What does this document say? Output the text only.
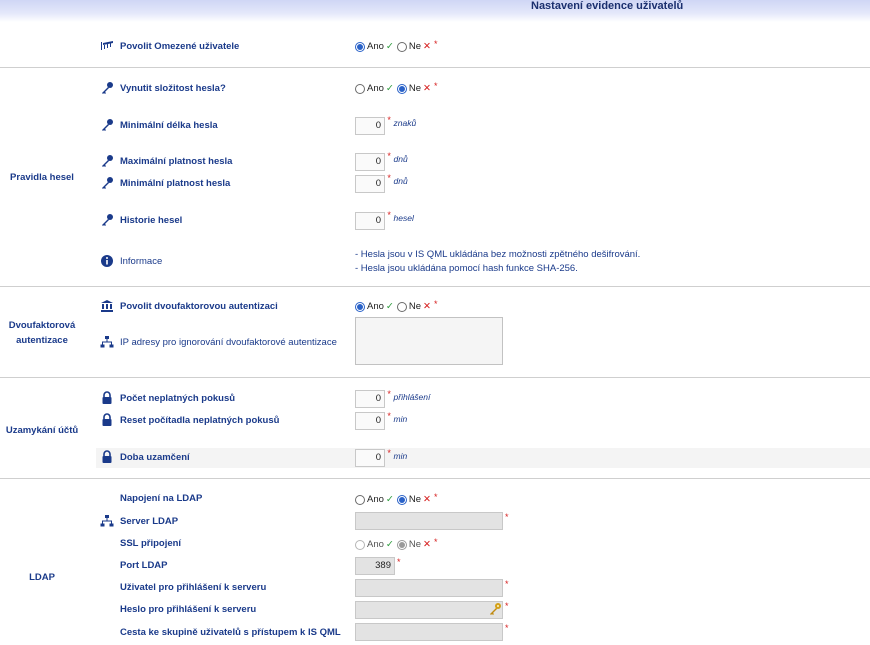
Nastavení evidence uživatelů
Povolit Omezené uživatele	Ano ✓ Ne ✕ *
Pravidla hesel
Vynutit složitost hesla?	Ano ✓ Ne ✕ *
Minimální délka hesla	0 * znaků
Maximální platnost hesla	0 * dnů
Minimální platnost hesla	0 * dnů
Historie hesel	0 * hesel
Informace
- Hesla jsou v IS QML ukládána bez možnosti zpětného dešifrování.
- Hesla jsou ukládána pomocí hash funkce SHA-256.
Dvoufaktorová
autentizace
Povolit dvoufaktorovou autentizaci	Ano ✓ Ne ✕ *
IP adresy pro ignorování dvoufaktorové autentizace
Uzamykání účtů
Počet neplatných pokusů	0 * přihlášení
Reset počítadla neplatných pokusů	0 * min
Doba uzamčení	0 * min
LDAP
Napojení na LDAP	Ano ✓ Ne ✕ *
Server LDAP	*
SSL připojení	Ano ✓ Ne ✕ *
Port LDAP	389 *
Uživatel pro přihlášení k serveru	*
Heslo pro přihlášení k serveru	*
Cesta ke skupině uživatelů s přístupem k IS QML	*
